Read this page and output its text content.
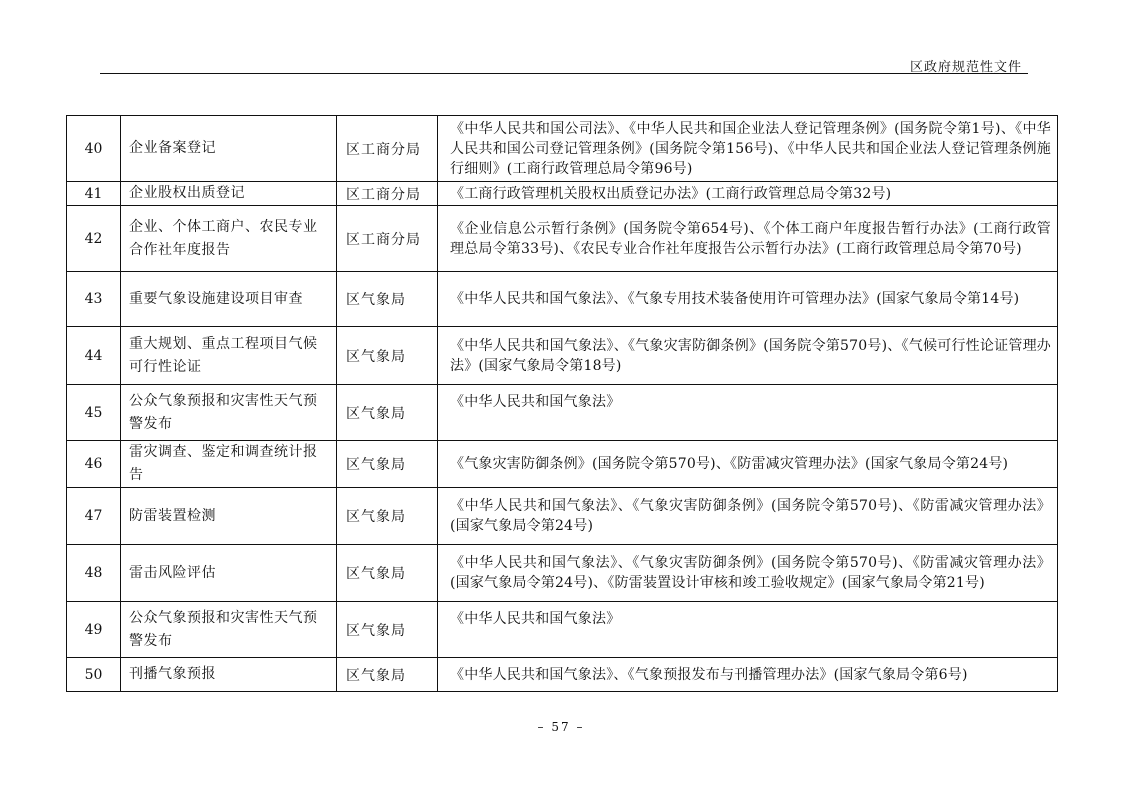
区政府规范性文件
40	企业备案登记	区工商分局	《中华人民共和国公司法》、《中华人民共和国企业法人登记管理条例》(国务院令第1号)、《中华人民共和国公司登记管理条例》(国务院令第156号)、《中华人民共和国企业法人登记管理条例施行细则》(工商行政管理总局令第96号)
41	企业股权出质登记	区工商分局	《工商行政管理机关股权出质登记办法》(工商行政管理总局令第32号)
42	企业、个体工商户、农民专业合作社年度报告	区工商分局	《企业信息公示暂行条例》(国务院令第654号)、《个体工商户年度报告暂行办法》(工商行政管理总局令第33号)、《农民专业合作社年度报告公示暂行办法》(工商行政管理总局令第70号)
43	重要气象设施建设项目审查	区气象局	《中华人民共和国气象法》、《气象专用技术装备使用许可管理办法》(国家气象局令第14号)
44	重大规划、重点工程项目气候可行性论证	区气象局	《中华人民共和国气象法》、《气象灾害防御条例》(国务院令第570号)、《气候可行性论证管理办法》(国家气象局令第18号)
45	公众气象预报和灾害性天气预警发布	区气象局	《中华人民共和国气象法》
46	雷灾调查、鉴定和调查统计报告	区气象局	《气象灾害防御条例》(国务院令第570号)、《防雷减灾管理办法》(国家气象局令第24号)
47	防雷装置检测	区气象局	《中华人民共和国气象法》、《气象灾害防御条例》(国务院令第570号)、《防雷减灾管理办法》(国家气象局令第24号)
48	雷击风险评估	区气象局	《中华人民共和国气象法》、《气象灾害防御条例》(国务院令第570号)、《防雷减灾管理办法》(国家气象局令第24号)、《防雷装置设计审核和竣工验收规定》(国家气象局令第21号)
49	公众气象预报和灾害性天气预警发布	区气象局	《中华人民共和国气象法》
50	刊播气象预报	区气象局	《中华人民共和国气象法》、《气象预报发布与刊播管理办法》(国家气象局令第6号)
– 57 –
